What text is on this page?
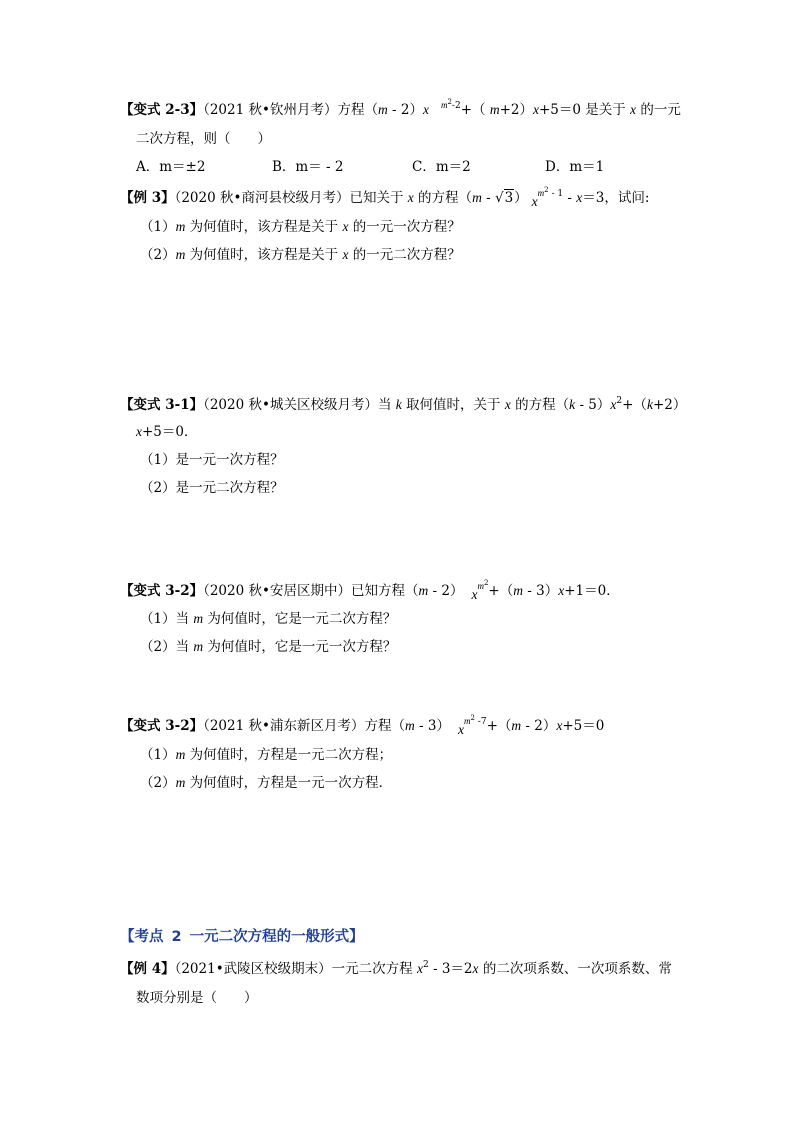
【变式 2-3】（2021 秋•钦州月考）方程（m - 2）x $^{m^2-2}$+（ m+2）x+5＝0 是关于 x 的一元
二次方程，则（　　）
A．m＝±2	B．m＝ - 2	C．m＝2	D．m＝1
【例 3】（2020 秋•商河县校级月考）已知关于 x 的方程（m - √3） $x^{m^2 - 1} - x=3$，试问:
（1）m 为何值时，该方程是关于 x 的一元一次方程？
（2）m 为何值时，该方程是关于 x 的一元二次方程？
【变式 3-1】（2020 秋•城关区校级月考）当 k 取何值时，关于 x 的方程$(k - 5)x^2+(k+2)$
x+5＝0．
（1）是一元一次方程？
（2）是一元二次方程？
【变式 3-2】（2020 秋•安居区期中）已知方程（m - 2） $x^{m^2}+(m - 3)x+1=0$．
（1）当 m 为何值时，它是一元二次方程？
（2）当 m 为何值时，它是一元一次方程？
【变式 3-2】（2021 秋•浦东新区月考）方程（m - 3） $x^{m^2 -7}+(m - 2)x+5=0$
（1）m 为何值时，方程是一元二次方程；
（2）m 为何值时，方程是一元一次方程．
【考点 2 一元二次方程的一般形式】
【例 4】（2021•武陵区校级期末）一元二次方程 $x^2 - 3=2x$ 的二次项系数、一次项系数、常
数项分别是（　　）
